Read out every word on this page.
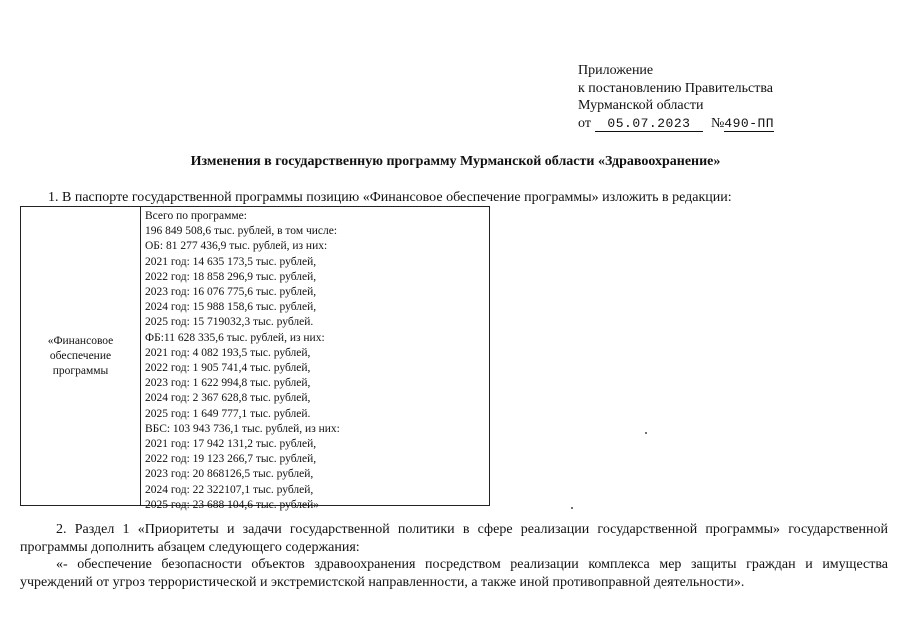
Приложение
к постановлению Правительства
Мурманской области
от 05.07.2023 №490-ПП
Изменения в государственную программу Мурманской области «Здравоохранение»
1. В паспорте государственной программы позицию «Финансовое обеспечение программы» изложить в редакции:
«Финансовое
обеспечение
программы
Всего по программе:
196 849 508,6 тыс. рублей, в том числе:
ОБ: 81 277 436,9 тыс. рублей, из них:
2021 год: 14 635 173,5 тыс. рублей,
2022 год: 18 858 296,9 тыс. рублей,
2023 год: 16 076 775,6 тыс. рублей,
2024 год: 15 988 158,6 тыс. рублей,
2025 год: 15 719032,3 тыс. рублей.
ФБ:11 628 335,6 тыс. рублей, из них:
2021 год: 4 082 193,5 тыс. рублей,
2022 год: 1 905 741,4 тыс. рублей,
2023 год: 1 622 994,8 тыс. рублей,
2024 год: 2 367 628,8 тыс. рублей,
2025 год: 1 649 777,1 тыс. рублей.
ВБС: 103 943 736,1 тыс. рублей, из них:
2021 год: 17 942 131,2 тыс. рублей,
2022 год: 19 123 266,7 тыс. рублей,
2023 год: 20 868126,5 тыс. рублей,
2024 год: 22 322107,1 тыс. рублей,
2025 год: 23 688 104,6 тыс. рублей»
2. Раздел 1 «Приоритеты и задачи государственной политики в сфере реализации государственной программы» государственной программы дополнить абзацем следующего содержания:
«- обеспечение безопасности объектов здравоохранения посредством реализации комплекса мер защиты граждан и имущества учреждений от угроз террористической и экстремистской направленности, а также иной противоправной деятельности».
